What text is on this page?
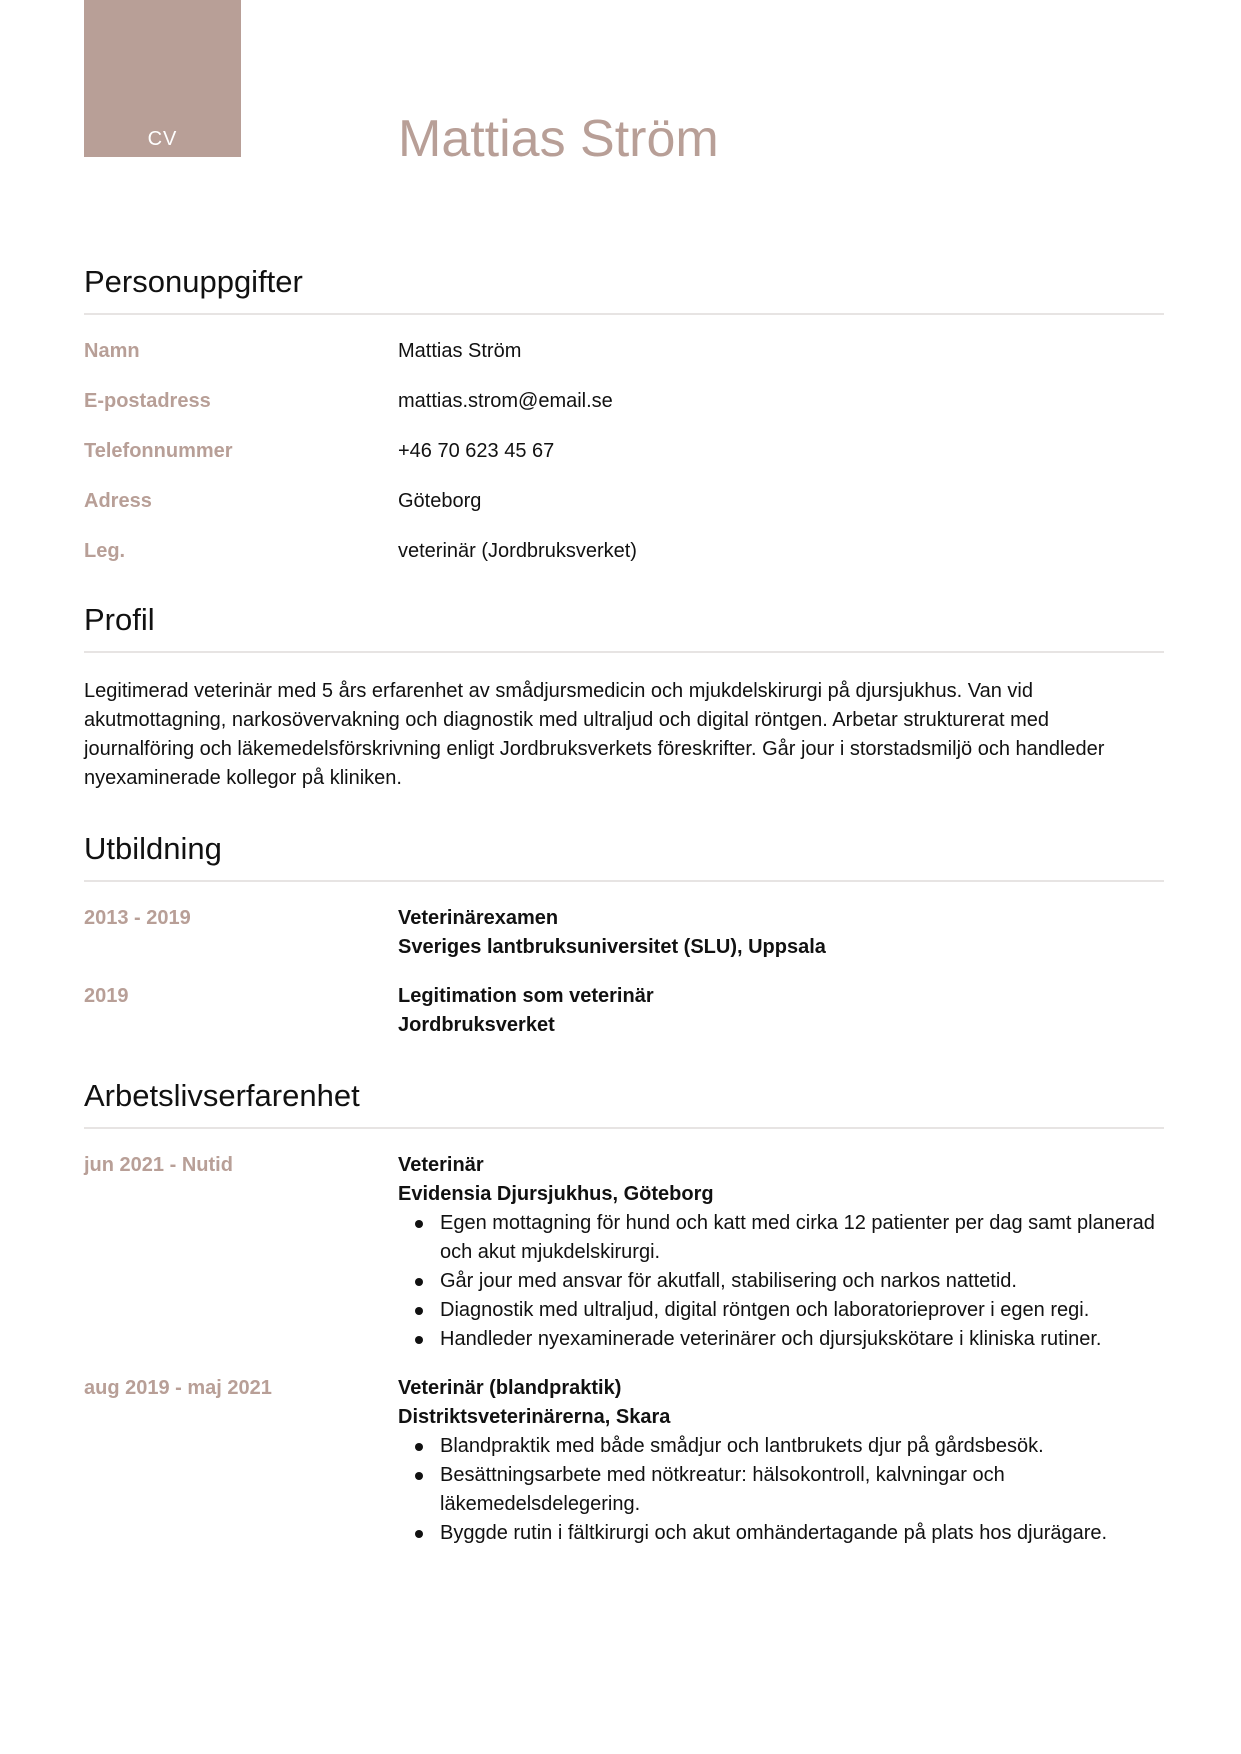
CV	Mattias Ström
Personuppgifter
Namn	Mattias Ström
E-postadress	mattias.strom@email.se
Telefonnummer	+46 70 623 45 67
Adress	Göteborg
Leg.	veterinär (Jordbruksverket)
Profil

Legitimerad veterinär med 5 års erfarenhet av smådjursmedicin och mjukdelskirurgi på djursjukhus. Van vid akutmottagning, narkosövervakning och diagnostik med ultraljud och digital röntgen. Arbetar strukturerat med journalföring och läkemedelsförskrivning enligt Jordbruksverkets föreskrifter. Går jour i storstadsmiljö och handleder nyexaminerade kollegor på kliniken.

Utbildning
2013 - 2019	Veterinärexamen
Sveriges lantbruksuniversitet (SLU), Uppsala
2019	Legitimation som veterinär
Jordbruksverket
Arbetslivserfarenhet
jun 2021 - Nutid	Veterinär
Evidensia Djursjukhus, Göteborg
Egen mottagning för hund och katt med cirka 12 patienter per dag samt planerad och akut mjukdelskirurgi.
Går jour med ansvar för akutfall, stabilisering och narkos nattetid.
Diagnostik med ultraljud, digital röntgen och laboratorieprover i egen regi.
Handleder nyexaminerade veterinärer och djursjukskötare i kliniska rutiner.
aug 2019 - maj 2021	Veterinär (blandpraktik)
Distriktsveterinärerna, Skara
Blandpraktik med både smådjur och lantbrukets djur på gårdsbesök.
Besättningsarbete med nötkreatur: hälsokontroll, kalvningar och läkemedelsdelegering.
Byggde rutin i fältkirurgi och akut omhändertagande på plats hos djurägare.
